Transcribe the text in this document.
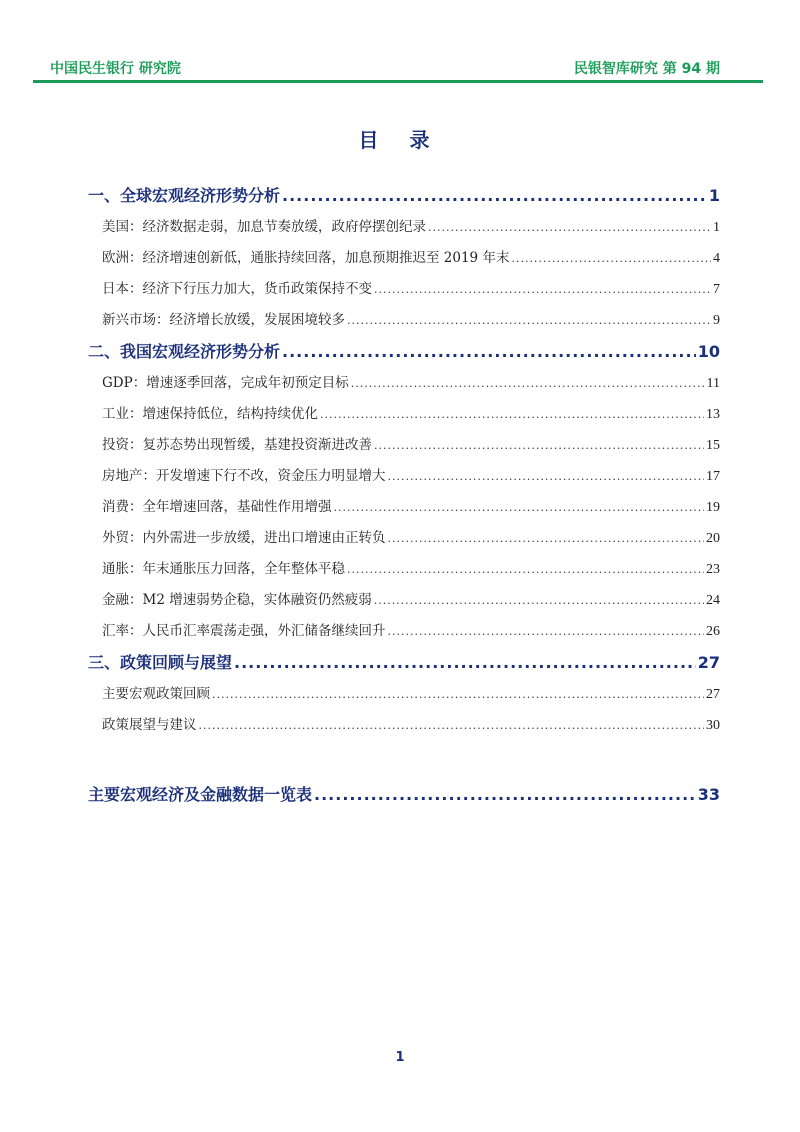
中国民生银行 研究院	民银智库研究 第 94 期
目 录
一、全球宏观经济形势分析 .....	1
美国：经济数据走弱，加息节奏放缓，政府停摆创纪录 .....	1
欧洲：经济增速创新低，通胀持续回落，加息预期推迟至 2019 年末 .....	4
日本：经济下行压力加大，货币政策保持不变 .....	7
新兴市场：经济增长放缓，发展困境较多 .....	9
二、我国宏观经济形势分析 .....	10
GDP：增速逐季回落，完成年初预定目标 .....	11
工业：增速保持低位，结构持续优化 .....	13
投资：复苏态势出现暂缓，基建投资渐进改善 .....	15
房地产：开发增速下行不改，资金压力明显增大 .....	17
消费：全年增速回落，基础性作用增强 .....	19
外贸：内外需进一步放缓，进出口增速由正转负 .....	20
通胀：年末通胀压力回落，全年整体平稳 .....	23
金融：M2 增速弱势企稳，实体融资仍然疲弱 .....	24
汇率：人民币汇率震荡走强，外汇储备继续回升 .....	26
三、政策回顾与展望 .....	27
主要宏观政策回顾 .....	27
政策展望与建议 .....	30
主要宏观经济及金融数据一览表 .....	33
1
